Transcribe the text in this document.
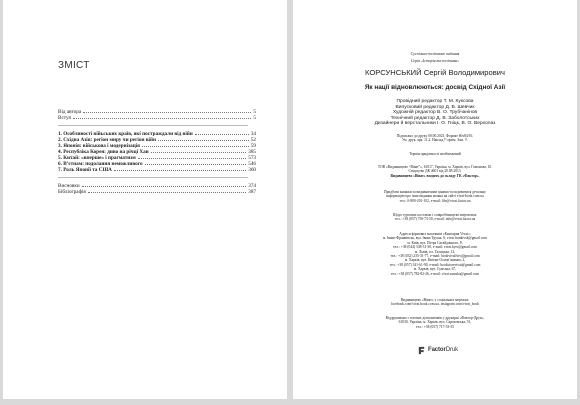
ЗМІСТ
Від автора	5
Вступ	5
1. Особливості війьських країв, які постраждали від війн	34
2. Східна Азія: регіон миру чи регіон війн	52
3. Японія: військова і модернізація	59
4. Республіка Корея: диво на річці Хан	385
5. Китай: «вперше» і прагматизм	573
6. В’єтнам: подолання неможливого	546
7. Роль Японії та США	360
Висновки	374
Бібліографія	387
Суспільно-політичне видання
Серія «Історія та політика»
КОРСУНСЬКИЙ Сергій Володимирович
Як нації відновлюються: досвід Східної Азії
Провідний редактор Т. М. Куксова
Випусковий редактор Д. В. Шевчик
Художній редактор В. О. Трубчанінов
Технічний редактор Д. В. Заболотських
Дизайнери й верстальники І. О. Гніцк, В. О. Верхолаз
Підписано до друку 00.00.2023. Формат 60х84/16.
Ум. друк. арк. 11,2. Наклад !! прим. Зам. !!.
Термін придатності необмежений
ТОВ «Видавництво “Віват”», 61017, Україна, м. Харків, вул. Гомонова, 10.
Свідоцтво ДК 4601 від 20.08.2013.
Видавництво «Віват» входить до складу ГК «Фактор».
Придбати книжки за видавничими цінами та подивитися детальну
інформацію про інші видання можна на сайті vivat-book.com.ua
тел.: 0-800-201-102, e-mail: life@vivat.factor.ua
Щодо гуртових поставок і співробітництва звертатися:
тел.: +38 (057) 750-73-50, e-mail: info@vivat.factor.ua
Адреси фірмових магазинів «Книгарня Vivat»:
м. Івано-Франківськ, вул. Івана Труша, 6, vivat.frankivsk@gmail.com
м. Київ, вул. Петра Сагайдачного, 8,
тел.: +38 (044) 338-31-30, e-mail: vivat.kyiv@gmail.com
м. Львів, пл. Галицька, 12,
тел.: +38 (032) 235-31-77, e-mail: bookvivatlviv@gmail.com
м. Харків, вул. Квітки-Основ’яненка, 2,
тел.: +38 (057) 341-61-90, e-mail: bookstorevivat@gmail.com
м. Харків, вул. Сумська, 67,
тел.: +38 (057) 782-82-26, e-mail: vivat.sumska@gmail.com
Видавництво «Віват» у соціальних мережах:
facebook.com/vivat.book.com.ua, instagram.com/vivat_book
Віддруковано з готових діапозитивів у друкарні «Фактор-Друк»,
61030, Україна, м. Харків, вул. Саратовська, 51,
тел.: +38 (057) 717-53-55
FactorDruk
